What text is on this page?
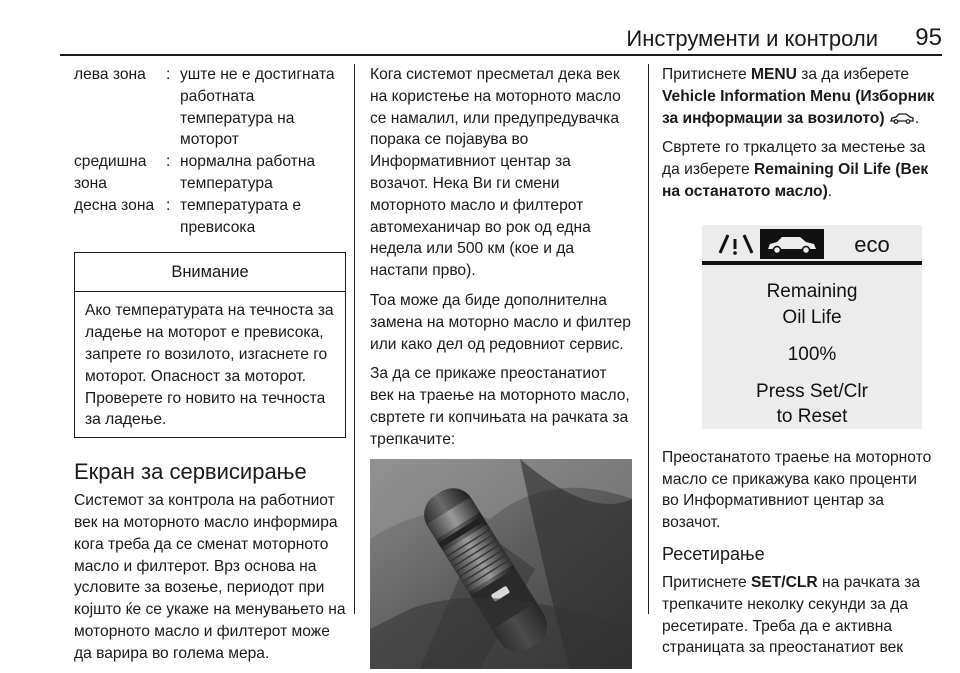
Инструменти и контроли 95
лева зона	: уште не е достигната работната температура на моторот
средишна зона
: нормална работна температура
десна зона : температурата е превисока
Внимание
Ако температурата на течноста за ладење на моторот е превисока, запрете го возилото, изгаснете го моторот. Опасност за моторот. Проверете го новито на течноста за ладење.
Екран за сервисирање

Системот за контрола на работниот век на моторното масло информира кога треба да се сменат моторното масло и филтерот. Врз основа на условите за возење, периодот при којшто ќе се укаже на менувањето на моторното масло и филтерот може да варира во голема мера.

Кога системот пресметал дека век на користење на моторното масло се намалил, или предупредувачка порака се појавува во Информативниот центар за возачот. Нека Ви ги смени моторното масло и филтерот автомеханичар во рок од една недела или 500 км (кое и да настапи прво).

Тоа може да биде дополнителна замена на моторно масло и филтер или како дел од редовниот сервис.

За да се прикаже преостанатиот век на траење на моторното масло, свртете ги копчињата на рачката за трепкачите:

Притиснете MENU за да изберете Vehicle Information Menu (Изборник за информации за возилото) .

Свртете го тркалцето за местење за да изберете Remaining Oil Life (Век на останатото масло).

eco
Remaining
Oil Life
100%
Press Set/Clr
to Reset

Преостанатото траење на моторното масло се прикажува како проценти во Информативниот центар за возачот.

Ресетирање

Притиснете SET/CLR на рачката за трепкачите неколку секунди за да ресетирате. Треба да е активна страницата за преостанатиот век
